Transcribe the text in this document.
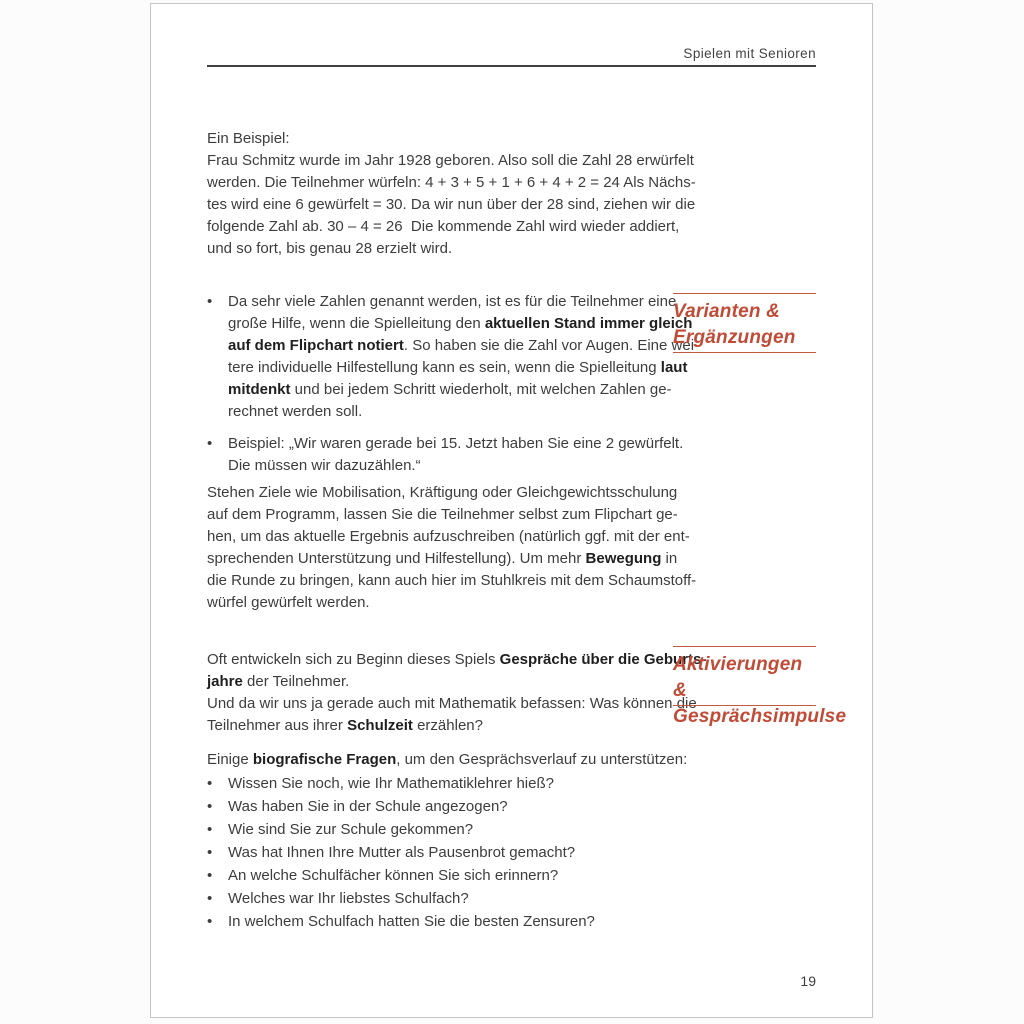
Spielen mit Senioren
Ein Beispiel:
Frau Schmitz wurde im Jahr 1928 geboren. Also soll die Zahl 28 erwürfelt
werden. Die Teilnehmer würfeln: 4 + 3 + 5 + 1 + 6 + 4 + 2 = 24 Als Nächs-
tes wird eine 6 gewürfelt = 30. Da wir nun über der 28 sind, ziehen wir die
folgende Zahl ab. 30 – 4 = 26  Die kommende Zahl wird wieder addiert,
und so fort, bis genau 28 erzielt wird.
•	Da sehr viele Zahlen genannt werden, ist es für die Teilnehmer eine
große Hilfe, wenn die Spielleitung den aktuellen Stand immer gleich
auf dem Flipchart notiert. So haben sie die Zahl vor Augen. Eine wei-
tere individuelle Hilfestellung kann es sein, wenn die Spielleitung laut
mitdenkt und bei jedem Schritt wiederholt, mit welchen Zahlen ge-
rechnet werden soll.
•	Beispiel: „Wir waren gerade bei 15. Jetzt haben Sie eine 2 gewürfelt.
Die müssen wir dazuzählen.“
Stehen Ziele wie Mobilisation, Kräftigung oder Gleichgewichtsschulung
auf dem Programm, lassen Sie die Teilnehmer selbst zum Flipchart ge-
hen, um das aktuelle Ergebnis aufzuschreiben (natürlich ggf. mit der ent-
sprechenden Unterstützung und Hilfestellung). Um mehr Bewegung in
die Runde zu bringen, kann auch hier im Stuhlkreis mit dem Schaumstoff-
würfel gewürfelt werden.
Oft entwickeln sich zu Beginn dieses Spiels Gespräche über die Geburts-
jahre der Teilnehmer.
Und da wir uns ja gerade auch mit Mathematik befassen: Was können die
Teilnehmer aus ihrer Schulzeit erzählen?
Einige biografische Fragen, um den Gesprächsverlauf zu unterstützen:
•	Wissen Sie noch, wie Ihr Mathematiklehrer hieß?
•	Was haben Sie in der Schule angezogen?
•	Wie sind Sie zur Schule gekommen?
•	Was hat Ihnen Ihre Mutter als Pausenbrot gemacht?
•	An welche Schulfächer können Sie sich erinnern?
•	Welches war Ihr liebstes Schulfach?
•	In welchem Schulfach hatten Sie die besten Zensuren?
Varianten &
Ergänzungen
Aktivierungen &
Gesprächsimpulse
19
